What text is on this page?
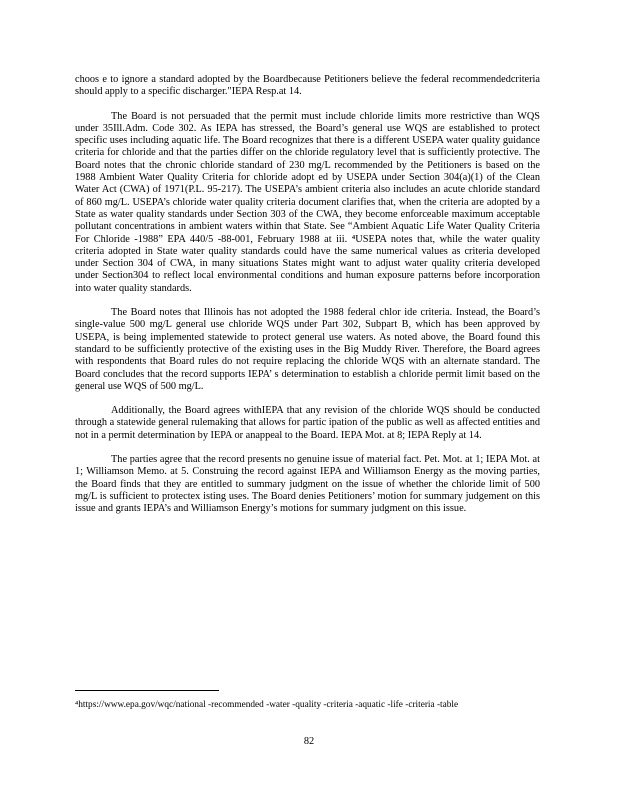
choos e to ignore a standard adopted by the Boardbecause Petitioners believe the federal recommendedcriteria should apply to a specific discharger."IEPA Resp.at 14.

The Board is not persuaded that the permit must include chloride limits more restrictive than WQS under 35Ill.Adm. Code 302. As IEPA has stressed, the Board’s general use WQS are established to protect specific uses including aquatic life. The Board recognizes that there is a different USEPA water quality guidance criteria for chloride and that the parties differ on the chloride regulatory level that is sufficiently protective. The Board notes that the chronic chloride standard of 230 mg/L recommended by the Petitioners is based on the 1988 Ambient Water Quality Criteria for chloride adopt ed by USEPA under Section 304(a)(1) of the Clean Water Act (CWA) of 1971(P.L. 95-217). The USEPA’s ambient criteria also includes an acute chloride standard of 860 mg/L. USEPA’s chloride water quality criteria document clarifies that, when the criteria are adopted by a State as water quality standards under Section 303 of the CWA, they become enforceable maximum acceptable pollutant concentrations in ambient waters within that State. See “Ambient Aquatic Life Water Quality Criteria For Chloride -1988” EPA 440/5 -88-001, February 1988 at iii. ⁴USEPA notes that, while the water quality criteria adopted in State water quality standards could have the same numerical values as criteria developed under Section 304 of CWA, in many situations States might want to adjust water quality criteria developed under Section304 to reflect local environmental conditions and human exposure patterns before incorporation into water quality standards.

The Board notes that Illinois has not adopted the 1988 federal chlor ide criteria. Instead, the Board’s single-value 500 mg/L general use chloride WQS under Part 302, Subpart B, which has been approved by USEPA, is being implemented statewide to protect general use waters. As noted above, the Board found this standard to be sufficiently protective of the existing uses in the Big Muddy River. Therefore, the Board agrees with respondents that Board rules do not require replacing the chloride WQS with an alternate standard. The Board concludes that the record supports IEPA’ s determination to establish a chloride permit limit based on the general use WQS of 500 mg/L.

Additionally, the Board agrees withIEPA that any revision of the chloride WQS should be conducted through a statewide general rulemaking that allows for partic ipation of the public as well as affected entities and not in a permit determination by IEPA or anappeal to the Board. IEPA Mot. at 8; IEPA Reply at 14.

The parties agree that the record presents no genuine issue of material fact. Pet. Mot. at 1; IEPA Mot. at 1; Williamson Memo. at 5. Construing the record against IEPA and Williamson Energy as the moving parties, the Board finds that they are entitled to summary judgment on the issue of whether the chloride limit of 500 mg/L is sufficient to protectex isting uses. The Board denies Petitioners’ motion for summary judgement on this issue and grants IEPA’s and Williamson Energy’s motions for summary judgment on this issue.

⁴https://www.epa.gov/wqc/national -recommended -water -quality -criteria -aquatic -life -criteria -table
82
